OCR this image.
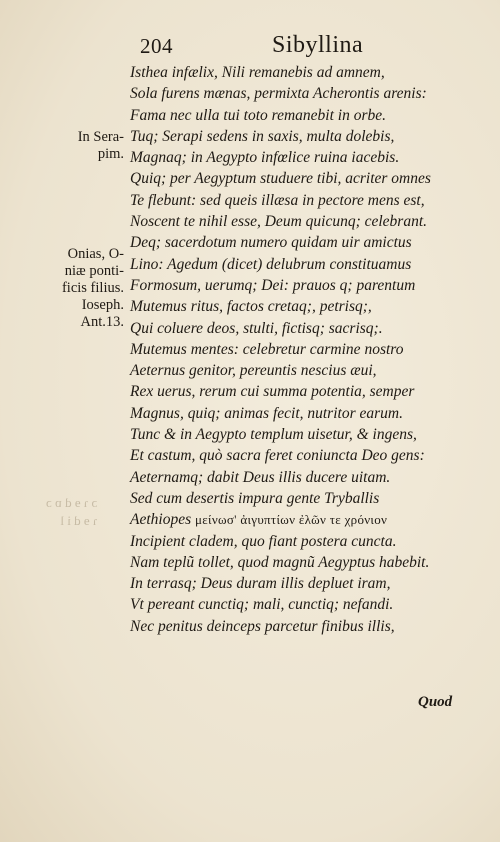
204	Sibyllina
In Sera-
pim.
Onias, O-
niæ ponti-
ficis filius.
Ioseph.
Ant.13.
ɔ ɿ ɘ d ɒ ɔ
ɿ ɘ d i l
Isthea infælix, Nili remanebis ad amnem,
Sola furens mænas, permixta Acherontis arenis:
Fama nec ulla tui toto remanebit in orbe.
Tuq; Serapi sedens in saxis, multa dolebis,
Magnaq; in Aegypto infœlice ruina iacebis.
Quiq; per Aegyptum studuere tibi, acriter omnes
Te flebunt: sed queis illæsa in pectore mens est,
Noscent te nihil esse, Deum quicunq; celebrant.
Deq; sacerdotum numero quidam uir amictus
Lino: Agedum (dicet) delubrum constituamus
Formosum, uerumq; Dei: prauos q; parentum
Mutemus ritus, factos cretaq;, petrisq;,
Qui coluere deos, stulti, fictisq; sacrisq;.
Mutemus mentes: celebretur carmine nostro
Aeternus genitor, pereuntis nescius æui,
Rex uerus, rerum cui summa potentia, semper
Magnus, quiq; animas fecit, nutritor earum.
Tunc & in Aegypto templum uisetur, & ingens,
Et castum, quò sacra feret coniuncta Deo gens:
Aeternamq; dabit Deus illis ducere uitam.
Sed cum desertis impura gente Tryballis
Aethiopes μείνωσ' ἀιγυπτίων ἐλῶν τε χρόνιον
Incipient cladem, quo fiant postera cuncta.
Nam teplũ tollet, quod magnũ Aegyptus habebit.
In terrasq; Deus duram illis depluet iram,
Vt pereant cunctiq; mali, cunctiq; nefandi.
Nec penitus deinceps parcetur finibus illis,
Quod
